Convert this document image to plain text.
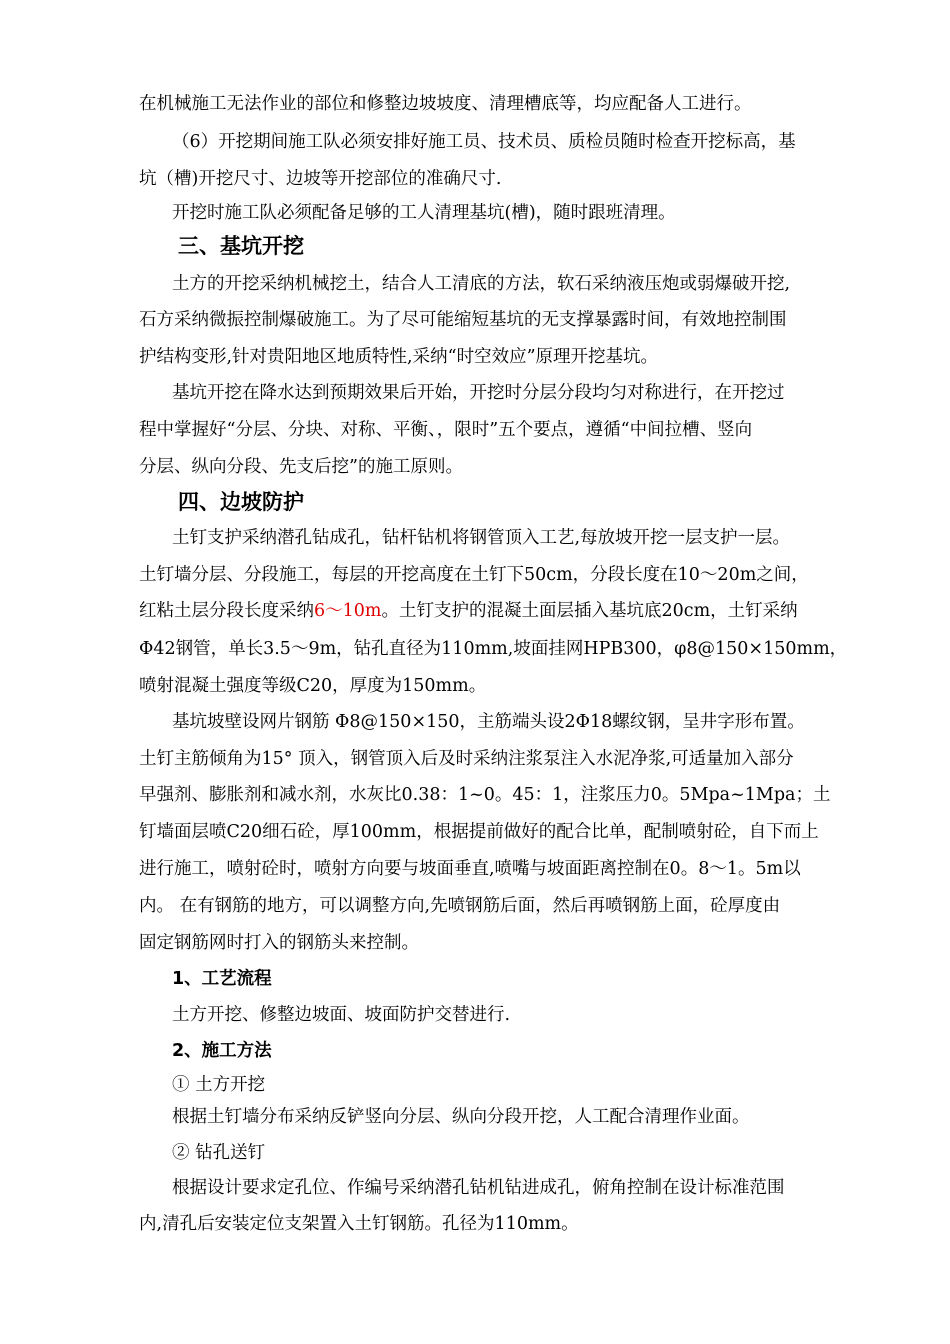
在机械施工无法作业的部位和修整边坡坡度、清理槽底等，均应配备人工进行。
（6）开挖期间施工队必须安排好施工员、技术员、质检员随时检查开挖标高，基
坑（槽)开挖尺寸、边坡等开挖部位的准确尺寸.
开挖时施工队必须配备足够的工人清理基坑(槽)，随时跟班清理。
三、基坑开挖
土方的开挖采纳机械挖土，结合人工清底的方法，软石采纳液压炮或弱爆破开挖,
石方采纳微振控制爆破施工。为了尽可能缩短基坑的无支撑暴露时间，有效地控制围
护结构变形,针对贵阳地区地质特性,采纳“时空效应”原理开挖基坑。
基坑开挖在降水达到预期效果后开始，开挖时分层分段均匀对称进行，在开挖过
程中掌握好“分层、分块、对称、平衡、，限时”五个要点，遵循“中间拉槽、竖向
分层、纵向分段、先支后挖”的施工原则。
四、边坡防护
土钉支护采纳潜孔钻成孔，钻杆钻机将钢管顶入工艺,每放坡开挖一层支护一层。
土钉墙分层、分段施工，每层的开挖高度在土钉下50cm，分段长度在10～20m之间，
红粘土层分段长度采纳6～10m。土钉支护的混凝土面层插入基坑底20cm，土钉采纳
Φ42钢管，单长3.5～9m，钻孔直径为110mm,坡面挂网HPB300，φ8@150×150mm，
喷射混凝土强度等级C20，厚度为150mm。
基坑坡壁设网片钢筋 Φ8@150×150，主筋端头设2Φ18螺纹钢，呈井字形布置。
土钉主筋倾角为15° 顶入，钢管顶入后及时采纳注浆泵注入水泥净浆,可适量加入部分
早强剂、膨胀剂和减水剂，水灰比0.38：1~0。45：1，注浆压力0。5Mpa~1Mpa；土
钉墙面层喷C20细石砼，厚100mm，根据提前做好的配合比单，配制喷射砼，自下而上
进行施工，喷射砼时，喷射方向要与坡面垂直,喷嘴与坡面距离控制在0。8～1。5m以
内。 在有钢筋的地方，可以调整方向,先喷钢筋后面，然后再喷钢筋上面，砼厚度由
固定钢筋网时打入的钢筋头来控制。
1、工艺流程
土方开挖、修整边坡面、坡面防护交替进行.
2、施工方法
① 土方开挖
根据土钉墙分布采纳反铲竖向分层、纵向分段开挖，人工配合清理作业面。
② 钻孔送钉
根据设计要求定孔位、作编号采纳潜孔钻机钻进成孔，俯角控制在设计标准范围
内,清孔后安装定位支架置入土钉钢筋。孔径为110mm。
